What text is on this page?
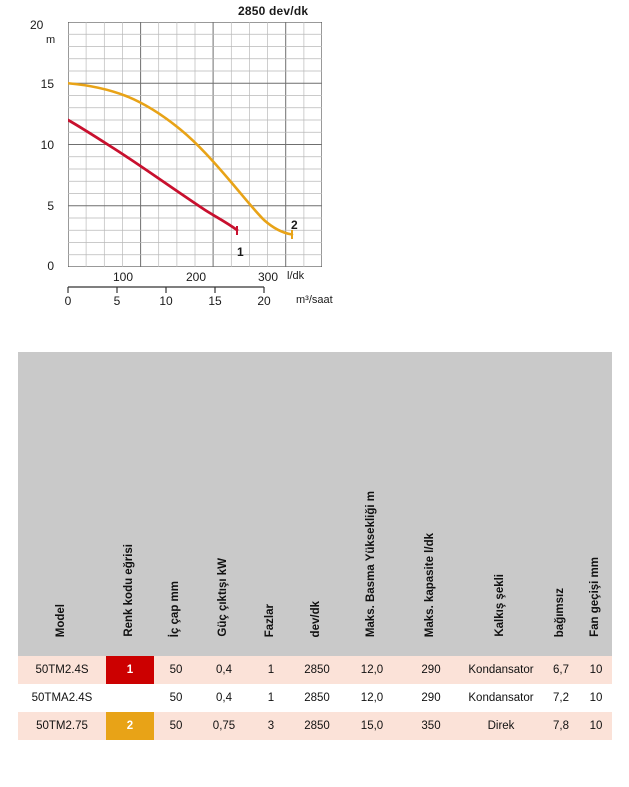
2850 dev/dk
20
m
15
10
5
0
1
2
100	200	300 l/dk
0	5	10	15	20	m³/saat
Model	Renk kodu eğrisi	İç çap mm	Güç çıktışı kW	Fazlar	dev/dk	Maks. Basma Yüksekliği m	Maks. kapasite l/dk	Kalkış şekli	bağımsız	Fan geçişi mm
50TM2.4S	1	50	0,4	1	2850	12,0	290	Kondansator	6,7	10
50TMA2.4S		50	0,4	1	2850	12,0	290	Kondansator	7,2	10
50TM2.75	2	50	0,75	3	2850	15,0	350	Direk	7,8	10
